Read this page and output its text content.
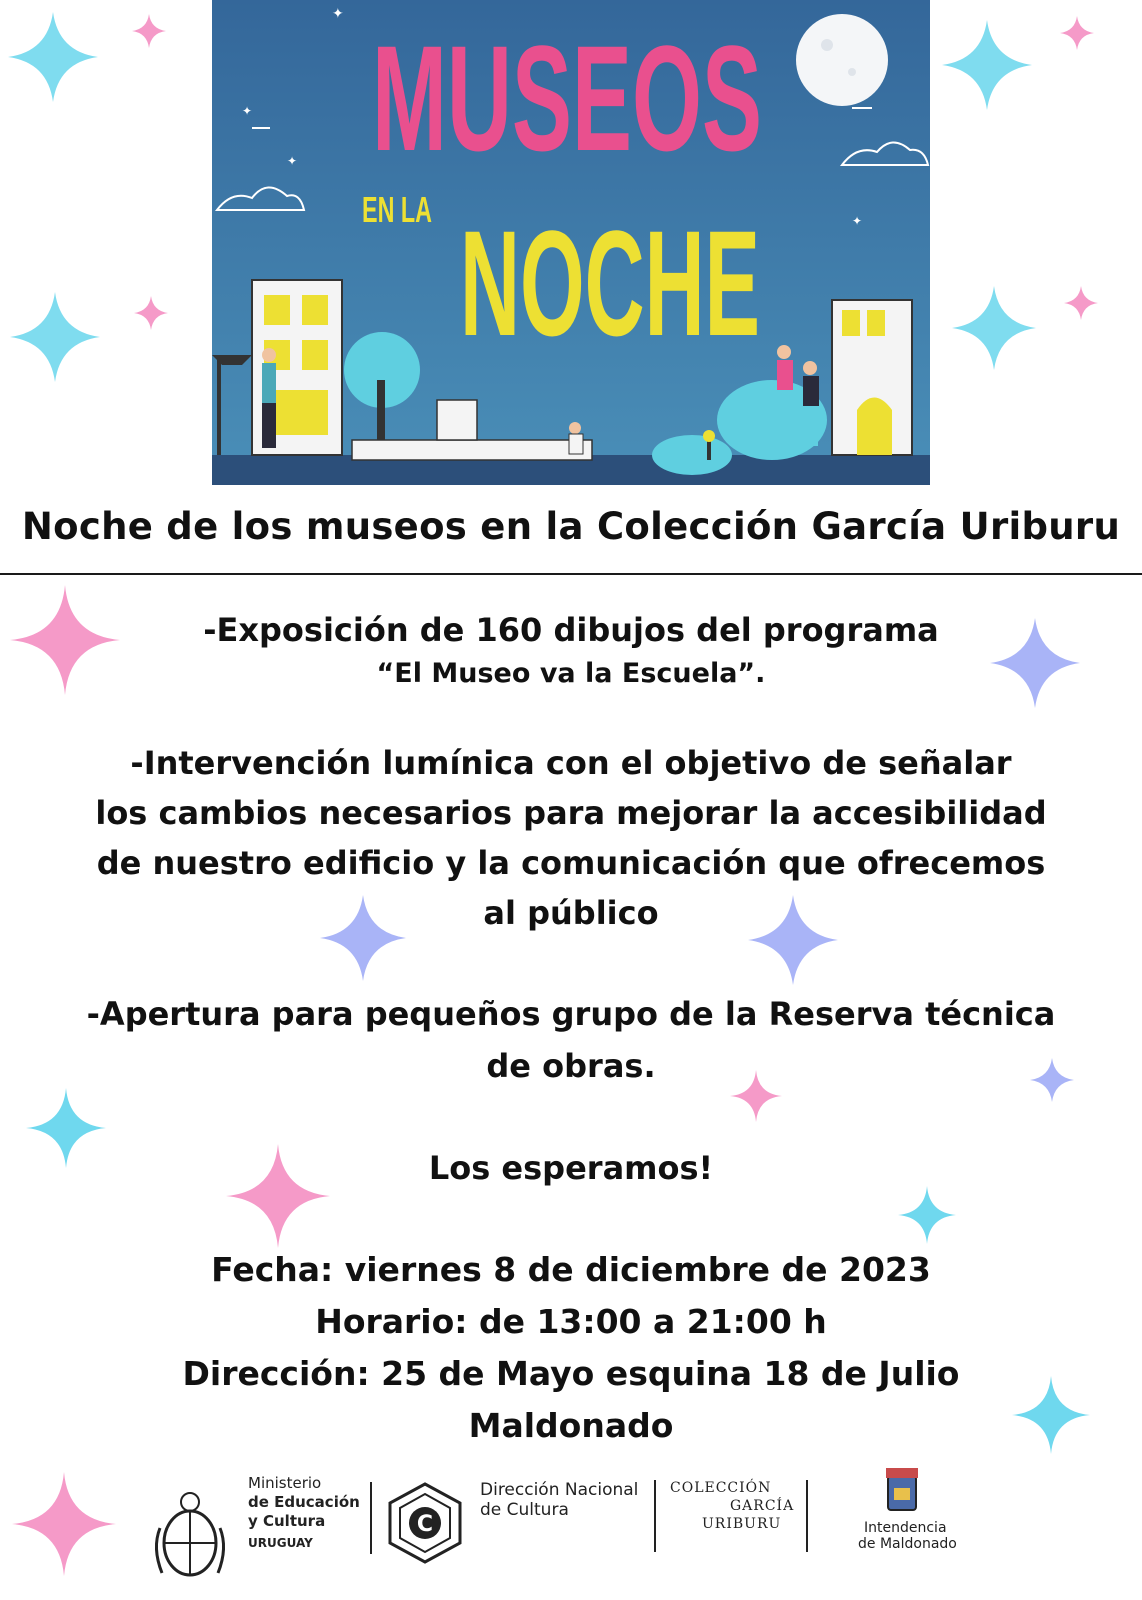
✦
✦
✦
✦
MUSEOS
EN LA NOCHE
Noche de los museos en la Colección García Uriburu

-Exposición de 160 dibujos del programa

“El Museo va la Escuela”.

-Intervención lumínica con el objetivo de señalar

los cambios necesarios para mejorar la accesibilidad

de nuestro edificio y la comunicación que ofrecemos

al público

-Apertura para pequeños grupo de la Reserva técnica

de obras.

Los esperamos!

Fecha: viernes 8 de diciembre de 2023

Horario: de 13:00 a 21:00 h

Dirección: 25 de Mayo esquina 18 de Julio

Maldonado

Ministerio
de Educación
y Cultura
URUGUAY
C
Dirección Nacional
de Cultura
COLECCIÓN
GARCÍA
URIBURU	Intendencia
de Maldonado
